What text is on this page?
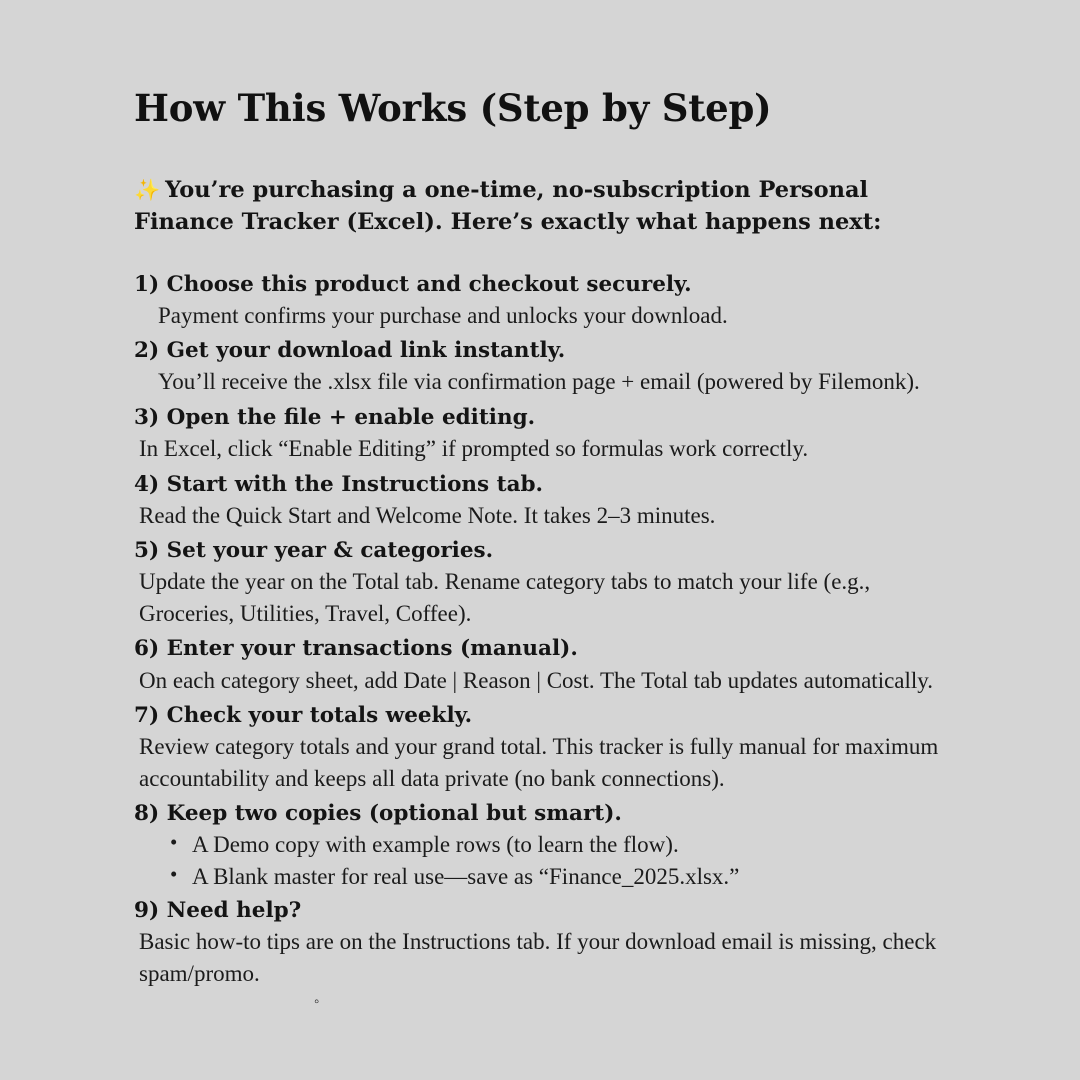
How This Works (Step by Step)

✨ You’re purchasing a one-time, no-subscription Personal Finance Tracker (Excel). Here’s exactly what happens next:

1) Choose this product and checkout securely.
Payment confirms your purchase and unlocks your download.
2) Get your download link instantly.
You’ll receive the .xlsx file via confirmation page + email (powered by Filemonk).
3) Open the file + enable editing.
In Excel, click “Enable Editing” if prompted so formulas work correctly.
4) Start with the Instructions tab.
Read the Quick Start and Welcome Note. It takes 2–3 minutes.
5) Set your year & categories.
Update the year on the Total tab. Rename category tabs to match your life (e.g., Groceries, Utilities, Travel, Coffee).
6) Enter your transactions (manual).
On each category sheet, add Date | Reason | Cost. The Total tab updates automatically.
7) Check your totals weekly.
Review category totals and your grand total. This tracker is fully manual for maximum accountability and keeps all data private (no bank connections).
8) Keep two copies (optional but smart).
• A Demo copy with example rows (to learn the flow).
• A Blank master for real use—save as “Finance_2025.xlsx.”
9) Need help?
Basic how-to tips are on the Instructions tab. If your download email is missing, check spam/promo.
◦
